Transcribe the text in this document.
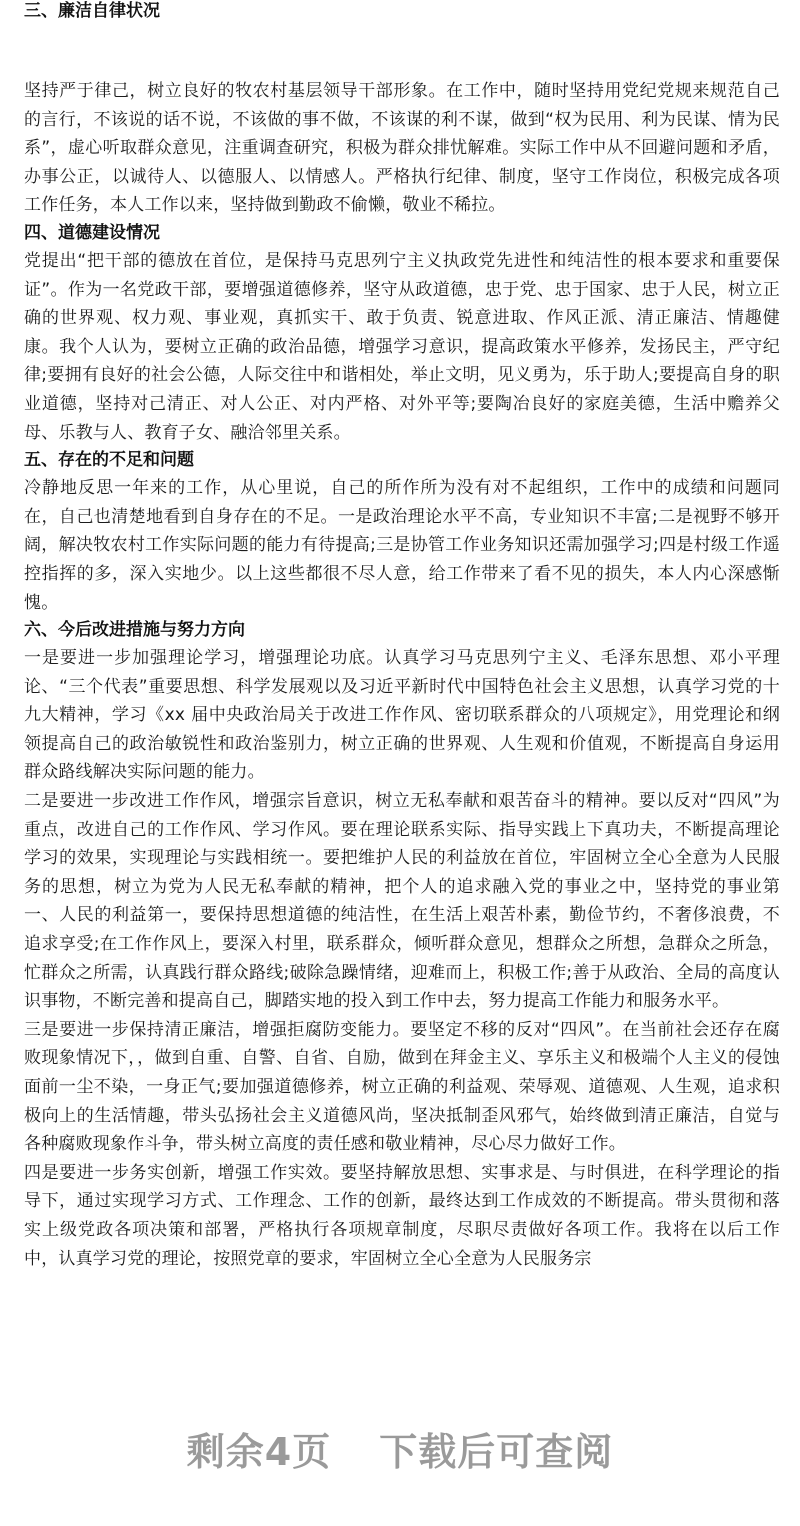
三、廉洁自律状况

坚持严于律己，树立良好的牧农村基层领导干部形象。在工作中，随时坚持用党纪党规来规范自己的言行，不该说的话不说，不该做的事不做，不该谋的利不谋，做到“权为民用、利为民谋、情为民系”，虚心听取群众意见，注重调查研究，积极为群众排忧解难。实际工作中从不回避问题和矛盾，办事公正，以诚待人、以德服人、以情感人。严格执行纪律、制度，坚守工作岗位，积极完成各项工作任务，本人工作以来，坚持做到勤政不偷懒，敬业不稀拉。

四、道德建设情况

党提出“把干部的德放在首位，是保持马克思列宁主义执政党先进性和纯洁性的根本要求和重要保证”。作为一名党政干部，要增强道德修养，坚守从政道德，忠于党、忠于国家、忠于人民，树立正确的世界观、权力观、事业观，真抓实干、敢于负责、锐意进取、作风正派、清正廉洁、情趣健康。我个人认为，要树立正确的政治品德，增强学习意识，提高政策水平修养，发扬民主，严守纪律;要拥有良好的社会公德，人际交往中和谐相处，举止文明，见义勇为，乐于助人;要提高自身的职业道德，坚持对己清正、对人公正、对内严格、对外平等;要陶冶良好的家庭美德，生活中赡养父母、乐教与人、教育子女、融洽邻里关系。

五、存在的不足和问题

冷静地反思一年来的工作，从心里说，自己的所作所为没有对不起组织，工作中的成绩和问题同在，自己也清楚地看到自身存在的不足。一是政治理论水平不高，专业知识不丰富;二是视野不够开阔，解决牧农村工作实际问题的能力有待提高;三是协管工作业务知识还需加强学习;四是村级工作遥控指挥的多，深入实地少。以上这些都很不尽人意，给工作带来了看不见的损失，本人内心深感惭愧。

六、今后改进措施与努力方向

一是要进一步加强理论学习，增强理论功底。认真学习马克思列宁主义、毛泽东思想、邓小平理论、“三个代表”重要思想、科学发展观以及习近平新时代中国特色社会主义思想，认真学习党的十九大精神，学习《xx 届中央政治局关于改进工作作风、密切联系群众的八项规定》，用党理论和纲领提高自己的政治敏锐性和政治鉴别力，树立正确的世界观、人生观和价值观，不断提高自身运用群众路线解决实际问题的能力。

二是要进一步改进工作作风，增强宗旨意识，树立无私奉献和艰苦奋斗的精神。要以反对“四风”为重点，改进自己的工作作风、学习作风。要在理论联系实际、指导实践上下真功夫，不断提高理论学习的效果，实现理论与实践相统一。要把维护人民的利益放在首位，牢固树立全心全意为人民服务的思想，树立为党为人民无私奉献的精神，把个人的追求融入党的事业之中，坚持党的事业第一、人民的利益第一，要保持思想道德的纯洁性，在生活上艰苦朴素，勤俭节约，不奢侈浪费，不追求享受;在工作作风上，要深入村里，联系群众，倾听群众意见，想群众之所想，急群众之所急，忙群众之所需，认真践行群众路线;破除急躁情绪，迎难而上，积极工作;善于从政治、全局的高度认识事物，不断完善和提高自己，脚踏实地的投入到工作中去，努力提高工作能力和服务水平。

三是要进一步保持清正廉洁，增强拒腐防变能力。要坚定不移的反对“四风”。在当前社会还存在腐败现象情况下，，做到自重、自警、自省、自励，做到在拜金主义、享乐主义和极端个人主义的侵蚀面前一尘不染，一身正气;要加强道德修养，树立正确的利益观、荣辱观、道德观、人生观，追求积极向上的生活情趣，带头弘扬社会主义道德风尚，坚决抵制歪风邪气，始终做到清正廉洁，自觉与各种腐败现象作斗争，带头树立高度的责任感和敬业精神，尽心尽力做好工作。

四是要进一步务实创新，增强工作实效。要坚持解放思想、实事求是、与时俱进，在科学理论的指导下，通过实现学习方式、工作理念、工作的创新，最终达到工作成效的不断提高。带头贯彻和落实上级党政各项决策和部署，严格执行各项规章制度，尽职尽责做好各项工作。我将在以后工作中，认真学习党的理论，按照党章的要求，牢固树立全心全意为人民服务宗

剩余4页 下载后可查阅
